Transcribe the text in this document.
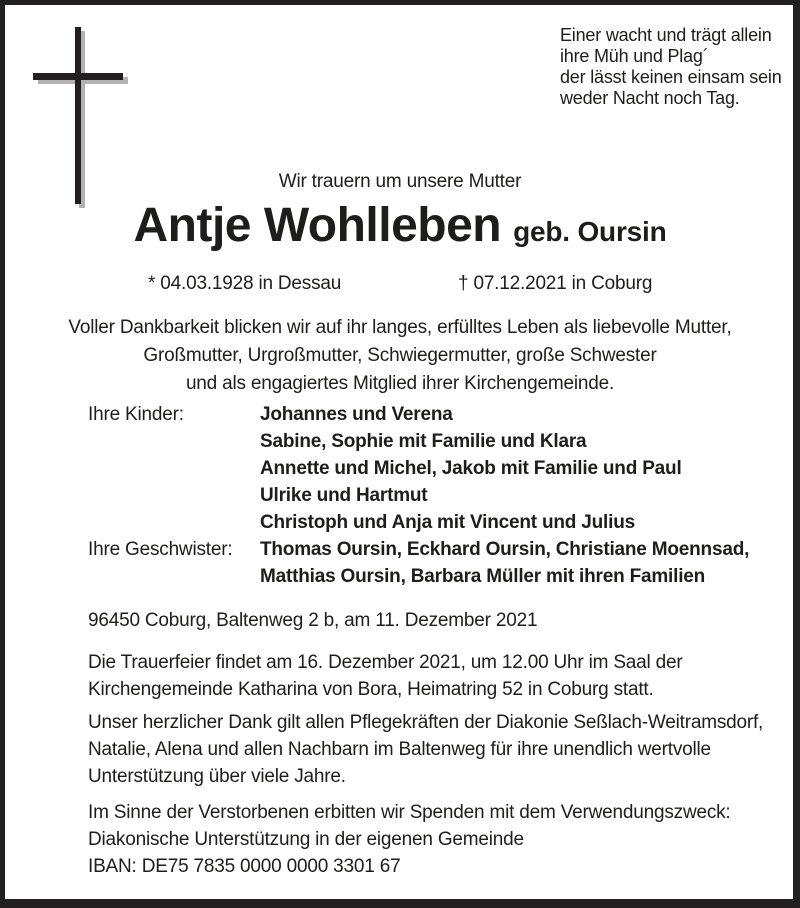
Einer wacht und trägt allein
ihre Müh und Plag´
der lässt keinen einsam sein
weder Nacht noch Tag.
Wir trauern um unsere Mutter
Antje Wohlleben geb. Oursin
* 04.03.1928 in Dessau	† 07.12.2021 in Coburg
Voller Dankbarkeit blicken wir auf ihr langes, erfülltes Leben als liebevolle Mutter,
Großmutter, Urgroßmutter, Schwiegermutter, große Schwester
und als engagiertes Mitglied ihrer Kirchengemeinde.
Ihre Kinder:	Johannes und Verena
Sabine, Sophie mit Familie und Klara
Annette und Michel, Jakob mit Familie und Paul
Ulrike und Hartmut
Christoph und Anja mit Vincent und Julius
Ihre Geschwister:	Thomas Oursin, Eckhard Oursin, Christiane Moennsad,
Matthias Oursin, Barbara Müller mit ihren Familien
96450 Coburg, Baltenweg 2 b, am 11. Dezember 2021
Die Trauerfeier findet am 16. Dezember 2021, um 12.00 Uhr im Saal der
Kirchengemeinde Katharina von Bora, Heimatring 52 in Coburg statt.
Unser herzlicher Dank gilt allen Pflegekräften der Diakonie Seßlach-Weitramsdorf,
Natalie, Alena und allen Nachbarn im Baltenweg für ihre unendlich wertvolle
Unterstützung über viele Jahre.
Im Sinne der Verstorbenen erbitten wir Spenden mit dem Verwendungszweck:
Diakonische Unterstützung in der eigenen Gemeinde
IBAN: DE75 7835 0000 0000 3301 67
